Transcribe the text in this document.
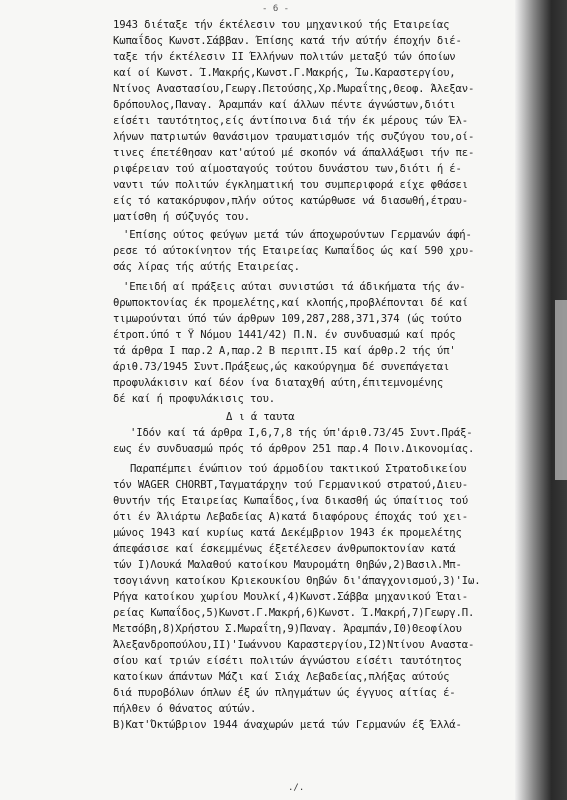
- 6 -
1943 διέταξε τήν έκτέλεσιν του μηχανικού τής Εταιρείας
Κωπαΐδος Κωνστ.Σάββαν. Έπίσης κατά τήν αύτήν έποχήν διέ-
ταξε τήν έκτέλεσιν II Έλλήνων πολιτών μεταξύ τών όποίων
καί οί Κωνστ. Ί.Μακρής,Κωνστ.Γ.Μακρής, Ίω.Καραστεργίου,
Ντίνος Αναστασίου,Γεωργ.Πετούσης,Χρ.Μωραΐτης,Θεοφ. Άλεξαν-
δρόπουλος,Παναγ. Άραμπάν καί άλλων πέντε άγνώστων,διότι
είσέτι ταυτότητος,είς άντίποινα διά τήν έκ μέρους τών Έλ-
λήνων πατριωτών θανάσιμον τραυματισμόν τής συζύγου του,οί-
τινες έπετέθησαν κατ'αύτού μέ σκοπόν νά άπαλλάξωσι τήν πε-
ριφέρειαν τού αίμοσταγούς τούτου δυνάστου των,διότι ή έ-
ναντι τών πολιτών έγκληματική του συμπεριφορά είχε φθάσει
είς τό κατακόρυφον,πλήν ούτος κατώρθωσε νά διασωθή,έτραυ-
ματίσθη ή σύζυγός του.
'Επίσης ούτος φεύγων μετά τών άποχωρούντων Γερμανών άφή-
ρεσε τό αύτοκίνητον τής Εταιρείας Κωπαΐδος ώς καί 590 χρυ-
σάς λίρας τής αύτής Εταιρείας.
'Επειδή αί πράξεις αύται συνιστώσι τά άδικήματα τής άν-
θρωποκτονίας έκ προμελέτης,καί κλοπής,προβλέπονται δέ καί
τιμωρούνται ύπό τών άρθρων 109,287,288,371,374 (ώς τούτο
έτροπ.ύπό τ Ϋ Νόμου 1441/42) Π.Ν. έν συνδυασμώ καί πρός
τά άρθρα I παρ.2 Α,παρ.2 Β περιπτ.I5 καί άρθρ.2 τής ύπ'
άριθ.73/1945 Συντ.Πράξεως,ώς κακούργημα δέ συνεπάγεται
προφυλάκισιν καί δέον ίνα διαταχθή αύτη,έπιτεμνομένης
δέ καί ή προφυλάκισις του.
Δ ι ά ταυτα
'Ιδόν καί τά άρθρα I,6,7,8 τής ύπ'άριθ.73/45 Συντ.Πράξ-
εως έν συνδυασμώ πρός τό άρθρον 251 παρ.4 Ποιν.Δικονομίας.
Παραπέμπει ένώπιον τού άρμοδίου τακτικού Στρατοδικείου
τόν WAGER CHORBT,Ταγματάρχην τού Γερμανικού στρατού,Διευ-
θυντήν τής Εταιρείας Κωπαΐδος,ίνα δικασθή ώς ύπαίτιος τού
ότι έν Άλιάρτω Λεβαδείας Α)κατά διαφόρους έποχάς τού χει-
μώνος 1943 καί κυρίως κατά Δεκέμβριον 1943 έκ προμελέτης
άπεφάσισε καί έσκεμμένως έξετέλεσεν άνθρωποκτονίαν κατά
τών I)Λουκά Μαλαθού κατοίκου Μαυρομάτη Θηβών,2)Βασιλ.Μπ-
τσογιάννη κατοίκου Κριεκουκίου Θηβών δι'άπαγχονισμού,3)'Ιω.
Ρήγα κατοίκου χωρίου Μουλκί,4)Κωνστ.Σάββα μηχανικού Έται-
ρείας Κωπαΐδος,5)Κωνστ.Γ.Μακρή,6)Κωνστ. Ί.Μακρή,7)Γεωργ.Π.
Μετσόβη,8)Χρήστου Σ.Μωραΐτη,9)Παναγ. Άραμπάν,I0)Θεοφίλου
Άλεξανδροπούλου,II)'Ιωάννου Καραστεργίου,I2)Ντίνου Αναστα-
σίου καί τριών είσέτι πολιτών άγνώστου είσέτι ταυτότητος
κατοίκων άπάντων Μάζι καί Σιάχ Λεβαδείας,πλήξας αύτούς
διά πυροβόλων όπλων έξ ών πληγμάτων ώς έγγυος αίτίας έ-
πήλθεν ό θάνατος αύτών.
Β)Κατ'Όκτώβριον 1944 άναχωρών μετά τών Γερμανών έξ Έλλά-
./.
